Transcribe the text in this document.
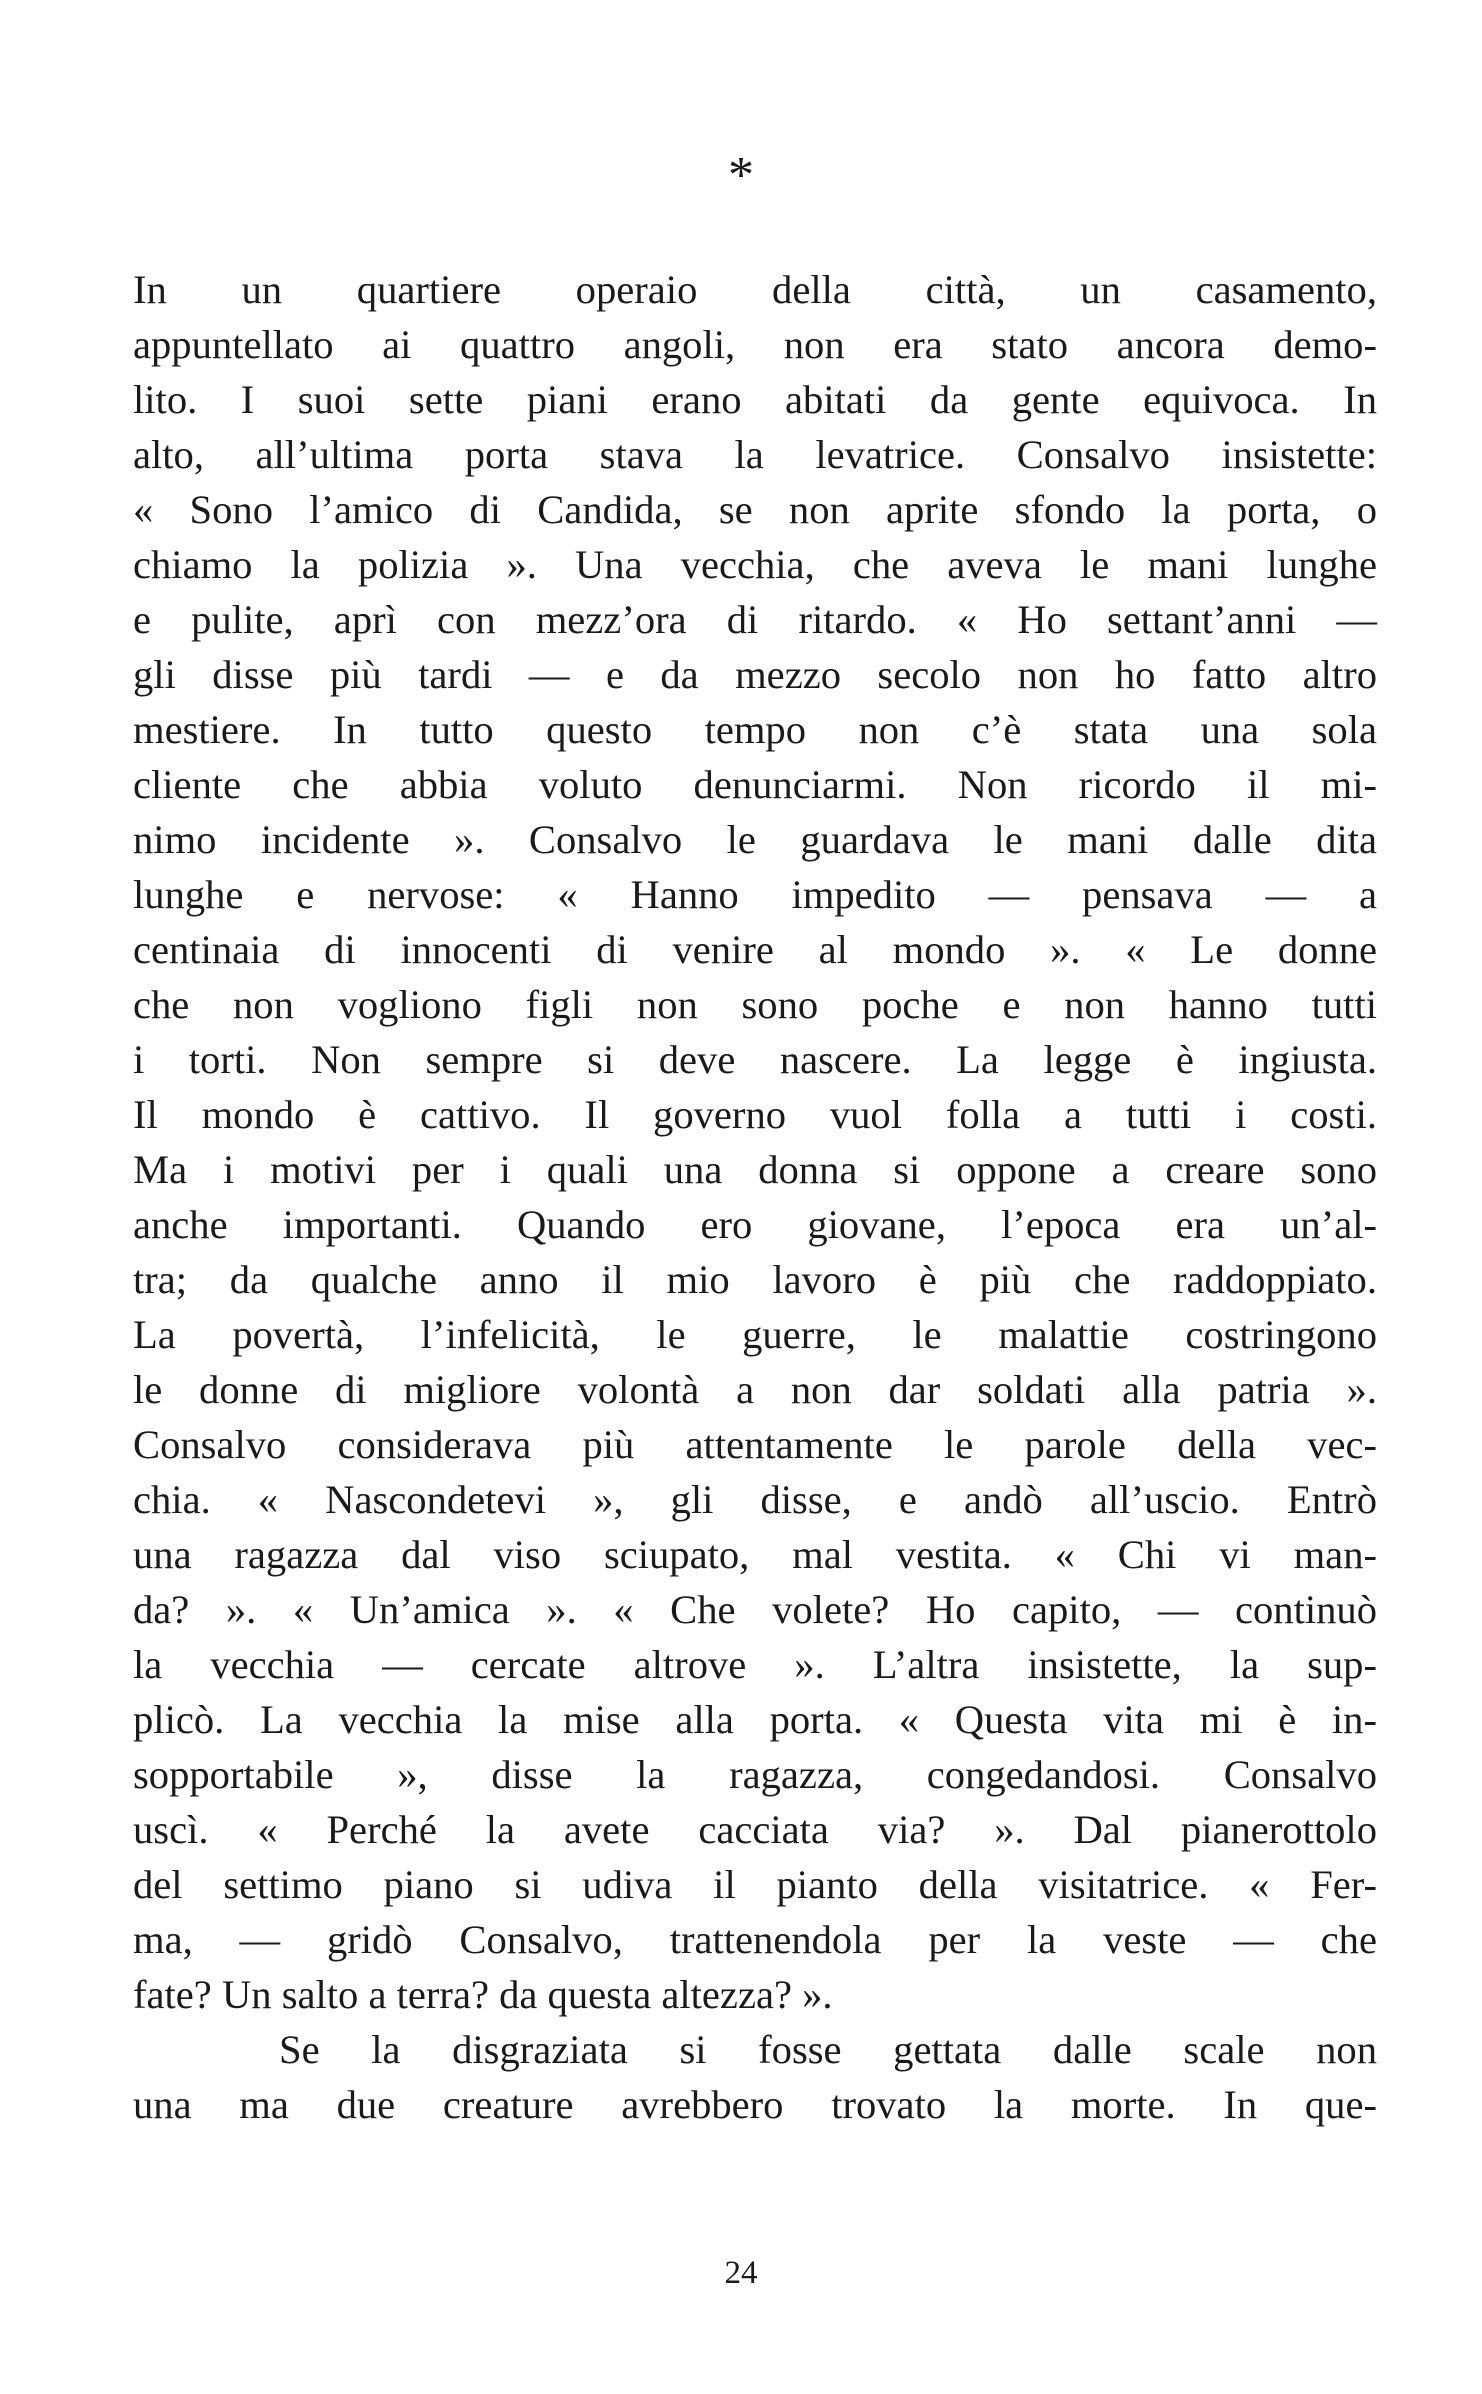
*
In un quartiere operaio della città, un casamento,
appuntellato ai quattro angoli, non era stato ancora demo-
lito. I suoi sette piani erano abitati da gente equivoca. In
alto, all’ultima porta stava la levatrice. Consalvo insistette:
« Sono l’amico di Candida, se non aprite sfondo la porta, o
chiamo la polizia ». Una vecchia, che aveva le mani lunghe
e pulite, aprì con mezz’ora di ritardo. « Ho settant’anni —
gli disse più tardi — e da mezzo secolo non ho fatto altro
mestiere. In tutto questo tempo non c’è stata una sola
cliente che abbia voluto denunciarmi. Non ricordo il mi-
nimo incidente ». Consalvo le guardava le mani dalle dita
lunghe e nervose: « Hanno impedito — pensava — a
centinaia di innocenti di venire al mondo ». « Le donne
che non vogliono figli non sono poche e non hanno tutti
i torti. Non sempre si deve nascere. La legge è ingiusta.
Il mondo è cattivo. Il governo vuol folla a tutti i costi.
Ma i motivi per i quali una donna si oppone a creare sono
anche importanti. Quando ero giovane, l’epoca era un’al-
tra; da qualche anno il mio lavoro è più che raddoppiato.
La povertà, l’infelicità, le guerre, le malattie costringono
le donne di migliore volontà a non dar soldati alla patria ».
Consalvo considerava più attentamente le parole della vec-
chia. « Nascondetevi », gli disse, e andò all’uscio. Entrò
una ragazza dal viso sciupato, mal vestita. « Chi vi man-
da? ». « Un’amica ». « Che volete? Ho capito, — continuò
la vecchia — cercate altrove ». L’altra insistette, la sup-
plicò. La vecchia la mise alla porta. « Questa vita mi è in-
sopportabile », disse la ragazza, congedandosi. Consalvo
uscì. « Perché la avete cacciata via? ». Dal pianerottolo
del settimo piano si udiva il pianto della visitatrice. « Fer-
ma, — gridò Consalvo, trattenendola per la veste — che
fate? Un salto a terra? da questa altezza? ».
Se la disgraziata si fosse gettata dalle scale non
una ma due creature avrebbero trovato la morte. In que-
24
